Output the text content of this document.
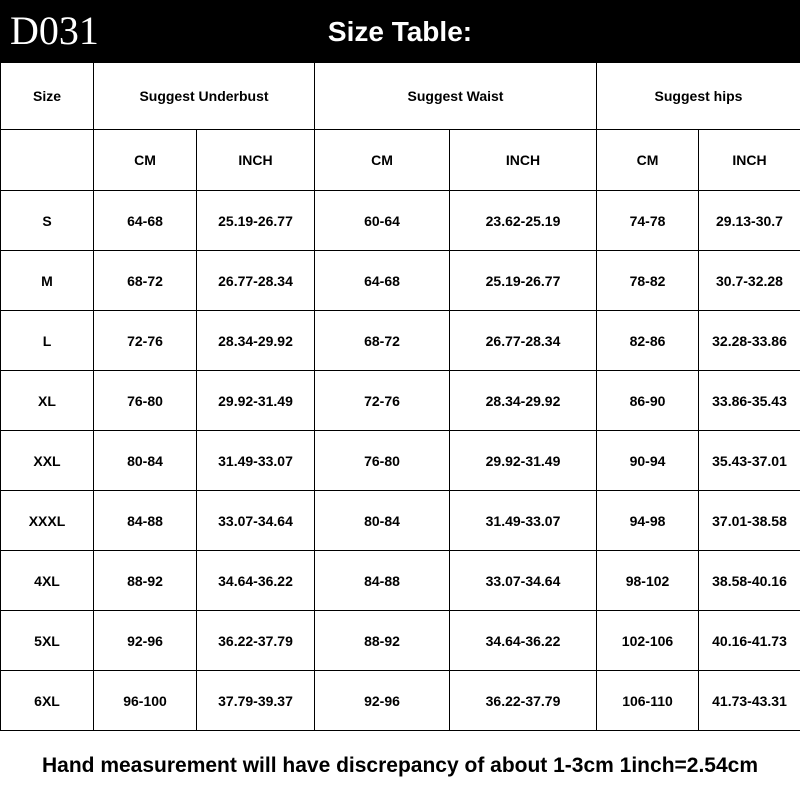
D031	Size Table:
Size	Suggest Underbust		Suggest Waist		Suggest hips	
	CM	INCH	CM	INCH	CM	INCH
S	64-68	25.19-26.77	60-64	23.62-25.19	74-78	29.13-30.7
M	68-72	26.77-28.34	64-68	25.19-26.77	78-82	30.7-32.28
L	72-76	28.34-29.92	68-72	26.77-28.34	82-86	32.28-33.86
XL	76-80	29.92-31.49	72-76	28.34-29.92	86-90	33.86-35.43
XXL	80-84	31.49-33.07	76-80	29.92-31.49	90-94	35.43-37.01
XXXL	84-88	33.07-34.64	80-84	31.49-33.07	94-98	37.01-38.58
4XL	88-92	34.64-36.22	84-88	33.07-34.64	98-102	38.58-40.16
5XL	92-96	36.22-37.79	88-92	34.64-36.22	102-106	40.16-41.73
6XL	96-100	37.79-39.37	92-96	36.22-37.79	106-110	41.73-43.31
Hand measurement will have discrepancy of about 1-3cm 1inch=2.54cm
